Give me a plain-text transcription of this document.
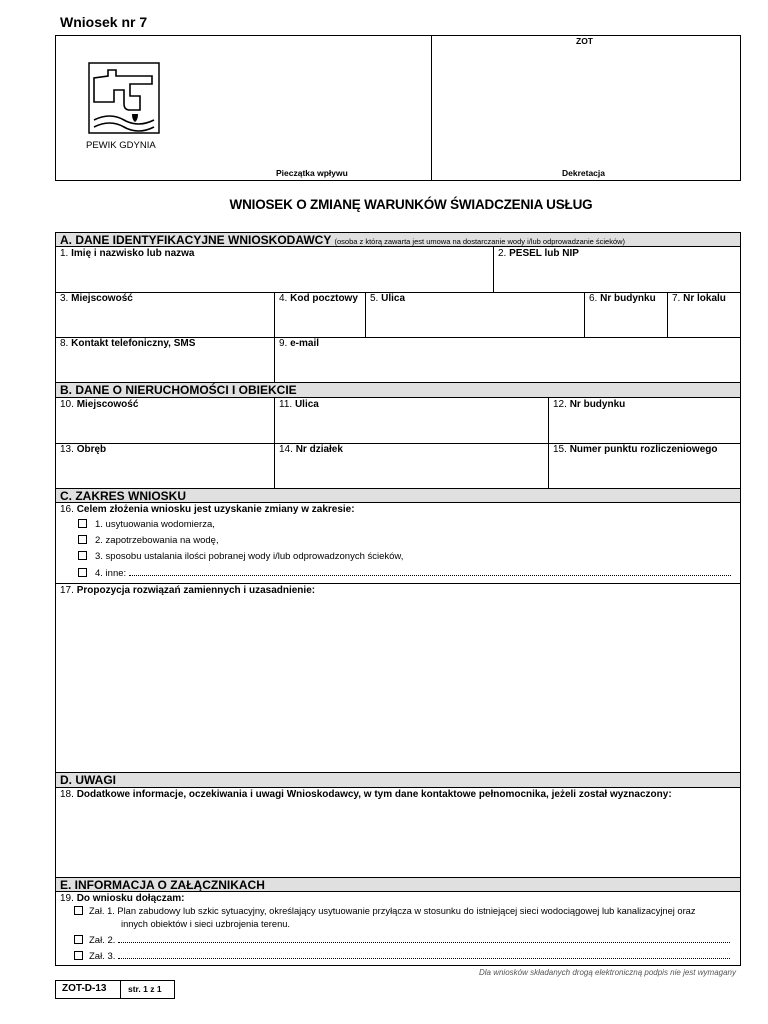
Wniosek nr 7
PEWIK GDYNIA
Pieczątka wpływu
ZOT
Dekretacja
WNIOSEK O ZMIANĘ WARUNKÓW ŚWIADCZENIA USŁUG
A. DANE IDENTYFIKACYJNE WNIOSKODAWCY (osoba z którą zawarta jest umowa na dostarczanie wody i/lub odprowadzanie ścieków)
1. Imię i nazwisko lub nazwa	2. PESEL lub NIP
3. Miejscowość	4. Kod pocztowy	5. Ulica	6. Nr budynku	7. Nr lokalu
8. Kontakt telefoniczny, SMS	9. e-mail
B. DANE O NIERUCHOMOŚCI I OBIEKCIE
10. Miejscowość	11. Ulica	12. Nr budynku
13. Obręb	14. Nr działek	15. Numer punktu rozliczeniowego
C. ZAKRES WNIOSKU
16. Celem złożenia wniosku jest uzyskanie zmiany w zakresie:
1. usytuowania wodomierza,
2. zapotrzebowania na wodę,
3. sposobu ustalania ilości pobranej wody i/lub odprowadzonych ścieków,
4. inne:
17. Propozycja rozwiązań zamiennych i uzasadnienie:
D. UWAGI
18. Dodatkowe informacje, oczekiwania i uwagi Wnioskodawcy, w tym dane kontaktowe pełnomocnika, jeżeli został wyznaczony:
E. INFORMACJA O ZAŁĄCZNIKACH
19. Do wniosku dołączam:
Zał. 1. Plan zabudowy lub szkic sytuacyjny, określający usytuowanie przyłącza w stosunku do istniejącej sieci wodociągowej lub kanalizacyjnej oraz
innych obiektów i sieci uzbrojenia terenu.
Zał. 2.
Zał. 3.
Dla wniosków składanych drogą elektroniczną podpis nie jest wymagany
ZOT-D-13	str. 1 z 1
